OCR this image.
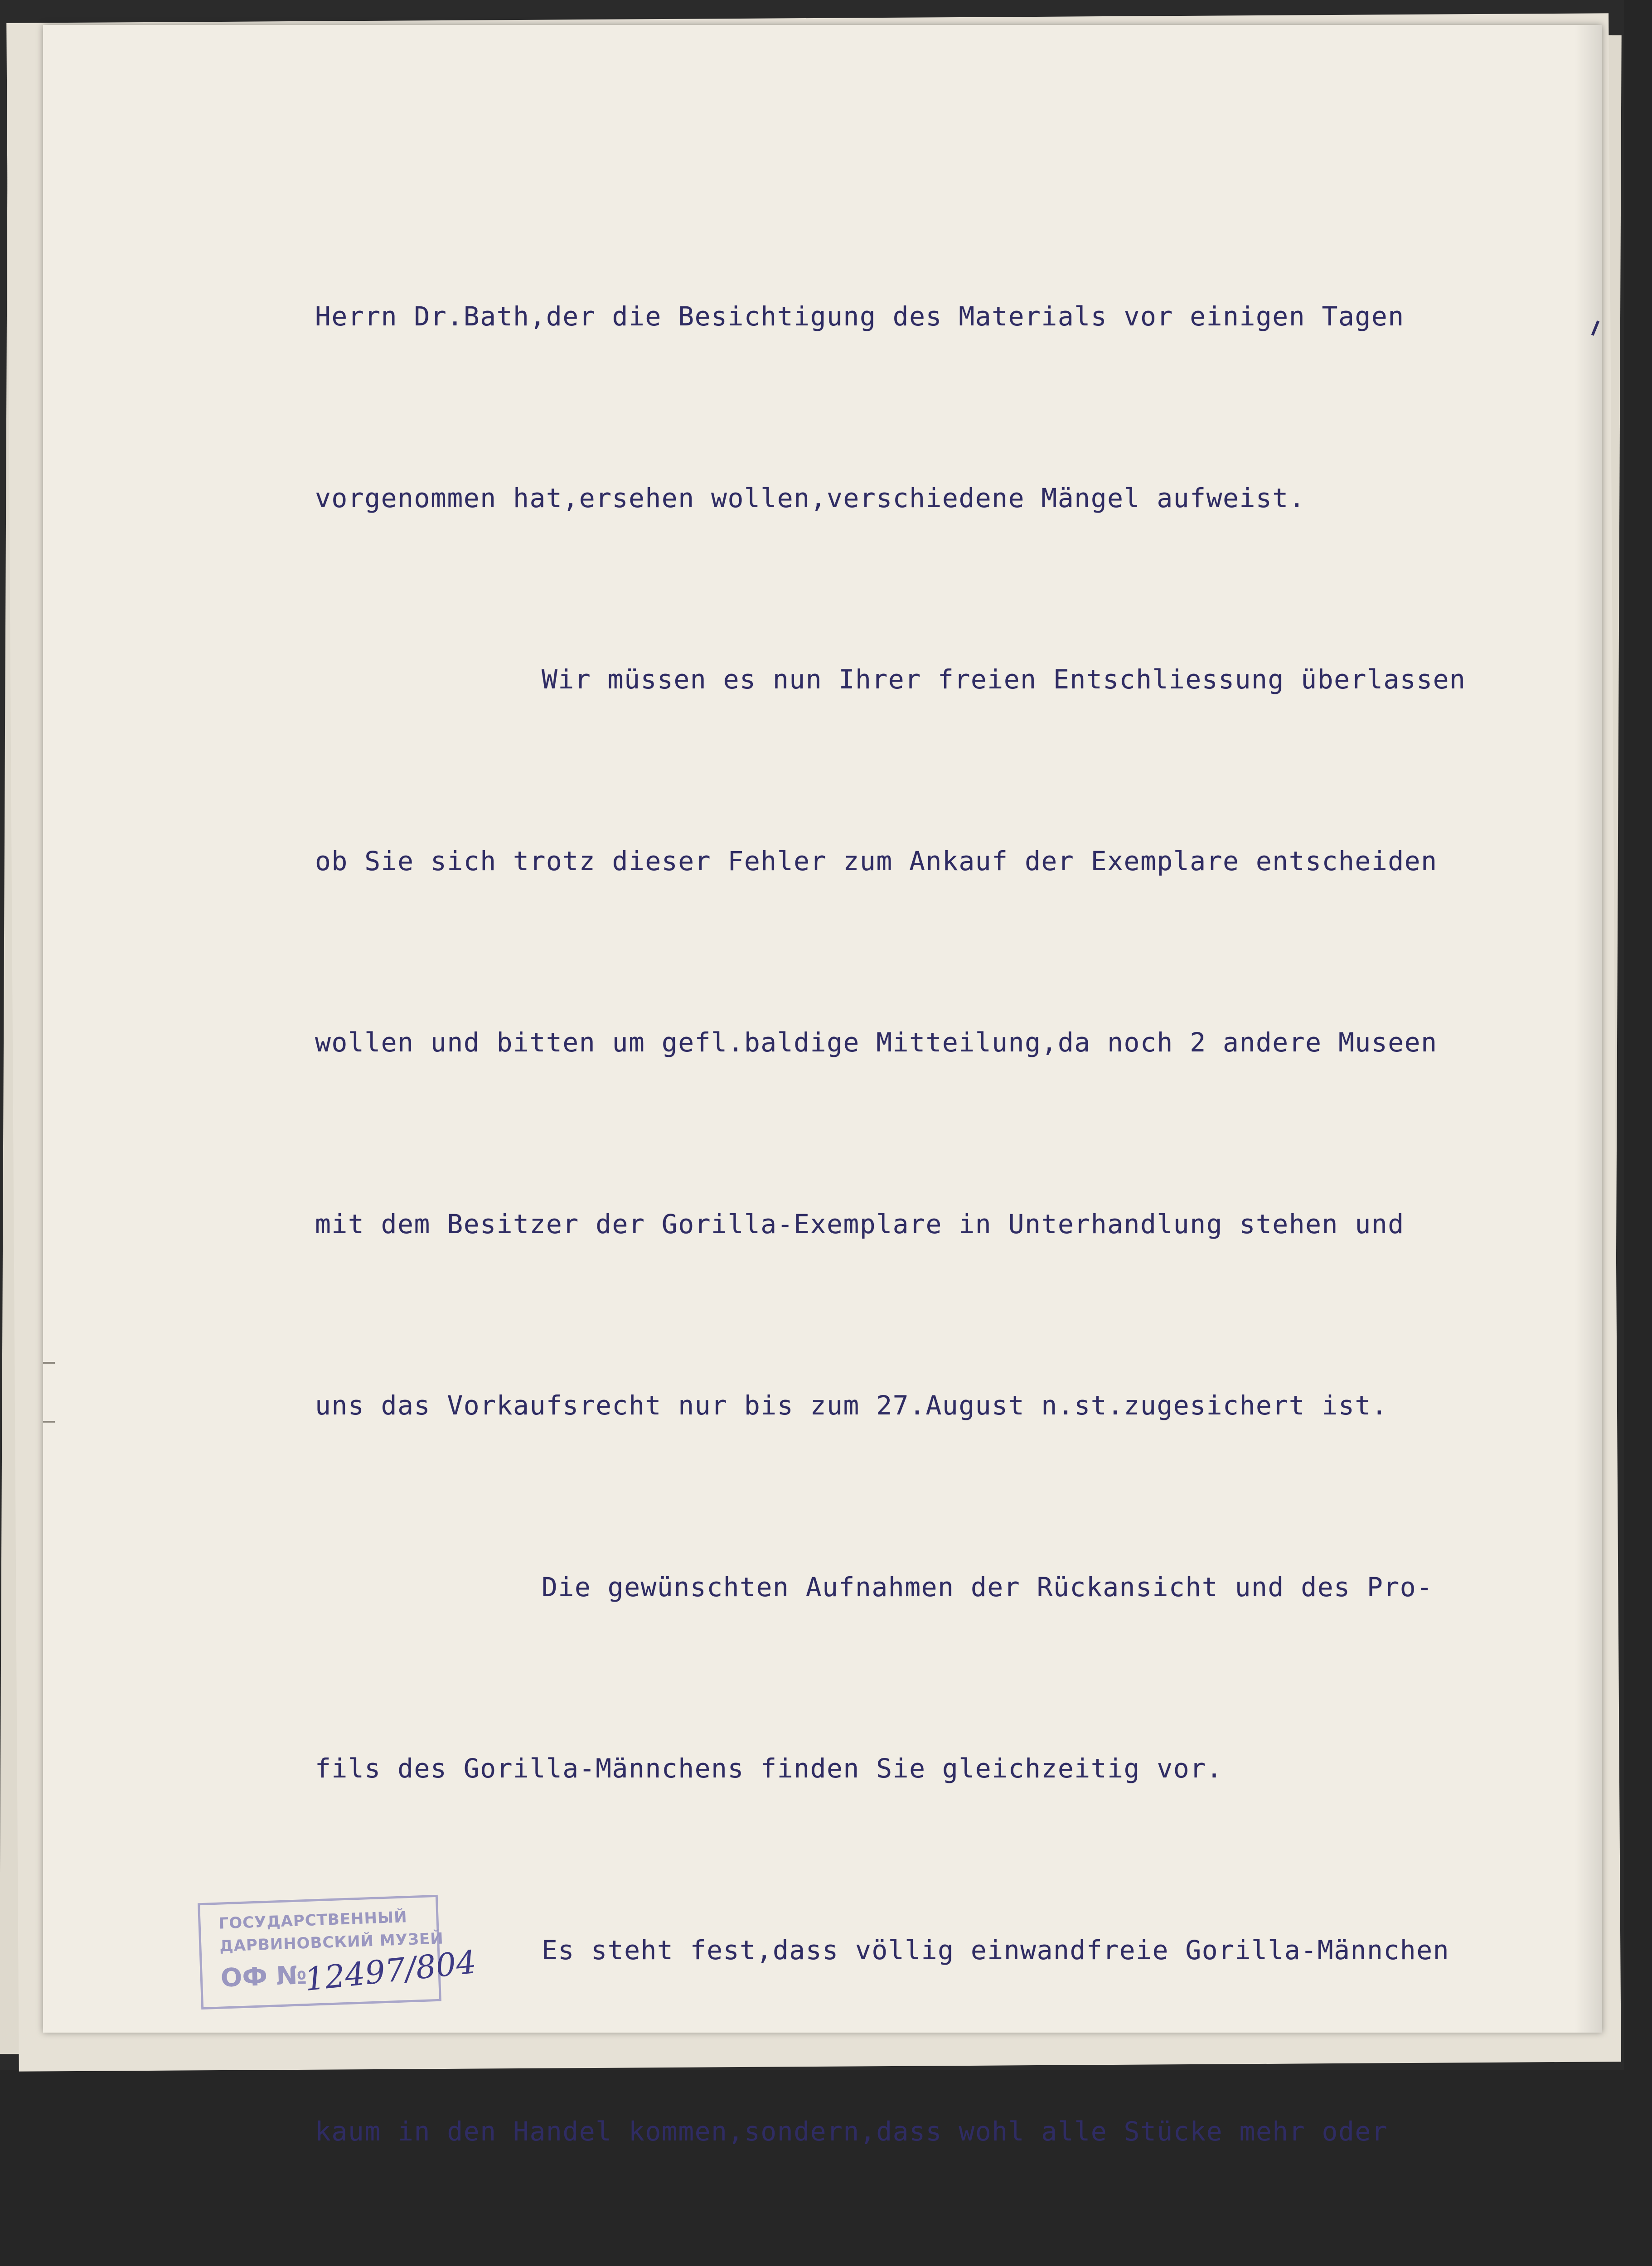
Herrn Dr.Bath,der die Besichtigung des Materials vor einigen Tagen

vorgenommen hat,ersehen wollen,verschiedene Mängel aufweist.

Wir müssen es nun Ihrer freien Entschliessung überlassen

ob Sie sich trotz dieser Fehler zum Ankauf der Exemplare entscheiden

wollen und bitten um gefl.baldige Mitteilung,da noch 2 andere Museen

mit dem Besitzer der Gorilla-Exemplare in Unterhandlung stehen und

uns das Vorkaufsrecht nur bis zum 27.August n.st.zugesichert ist.

Die gewünschten Aufnahmen der Rückansicht und des Pro-

fils des Gorilla-Männchens finden Sie gleichzeitig vor.

Es steht fest,dass völlig einwandfreie Gorilla-Männchen

kaum in den Handel kommen,sondern,dass wohl alle Stücke mehr oder

ГОСУДАРСТВЕННЫЙ
ДАРВИНОВСКИЙ МУЗЕЙ
ОФ №
12497/804
